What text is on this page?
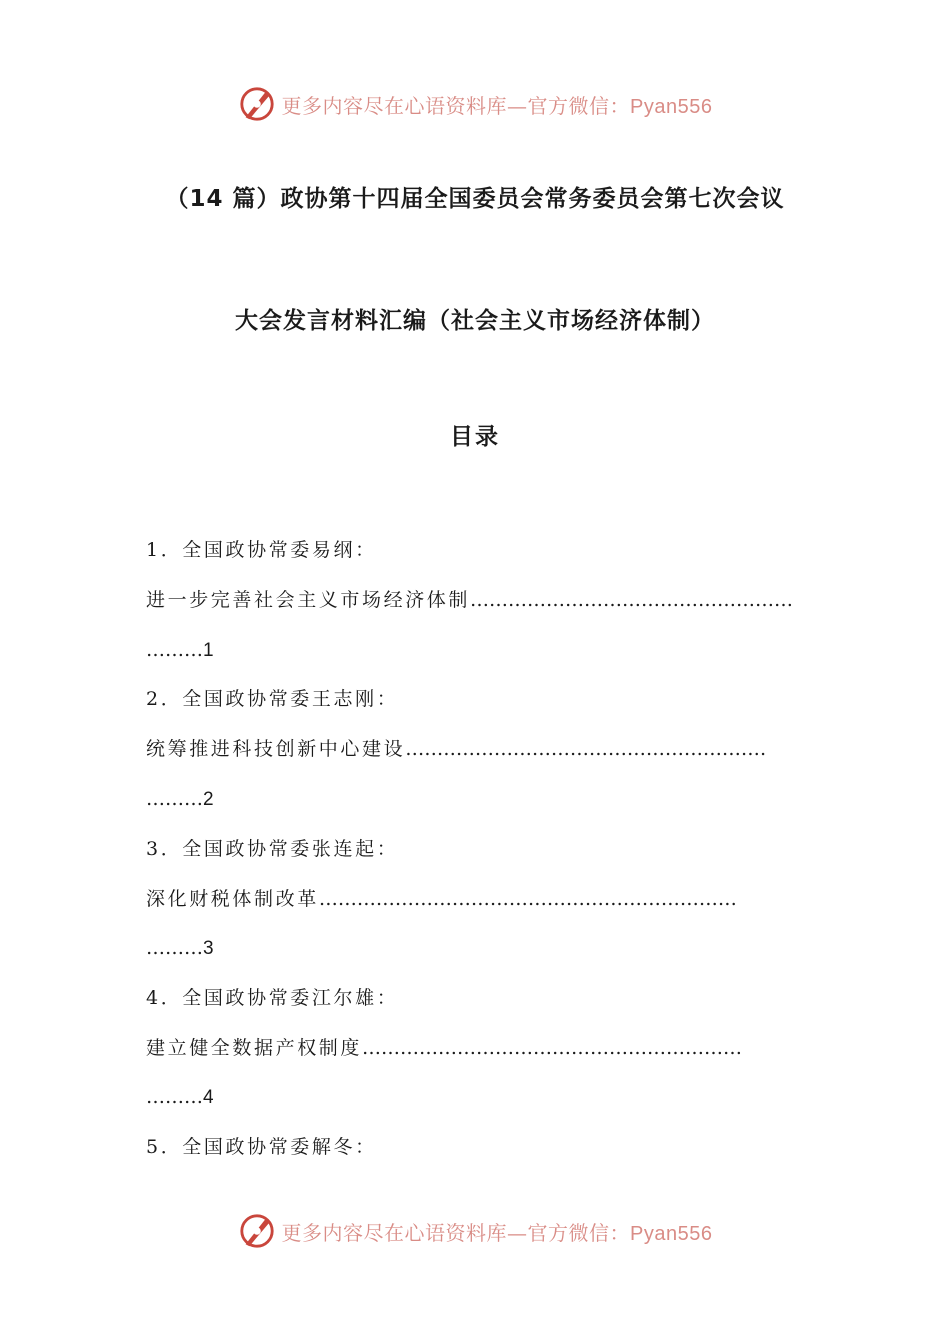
更多内容尽在心语资料库—官方微信：Pyan556
（14 篇）政协第十四届全国委员会常务委员会第七次会议
大会发言材料汇编（社会主义市场经济体制）
目录
1．全国政协常委易纲：
进一步完善社会主义市场经济体制……………………………………………
………1
2．全国政协常委王志刚：
统筹推进科技创新中心建设…………………………………………………
………2
3．全国政协常委张连起：
深化财税体制改革…………………………………………………………
………3
4．全国政协常委江尔雄：
建立健全数据产权制度……………………………………………………
………4
5．全国政协常委解冬：
更多内容尽在心语资料库—官方微信：Pyan556
